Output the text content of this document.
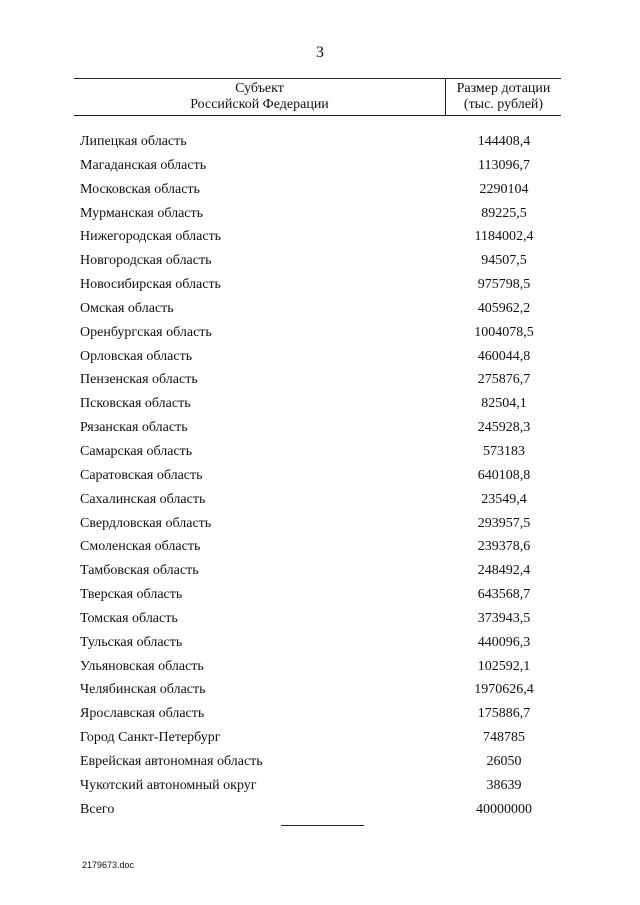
3
Субъект
Российской Федерации
Размер дотации
(тыс. рублей)
Липецкая область	144408,4
Магаданская область	113096,7
Московская область	2290104
Мурманская область	89225,5
Нижегородская область	1184002,4
Новгородская область	94507,5
Новосибирская область	975798,5
Омская область	405962,2
Оренбургская область	1004078,5
Орловская область	460044,8
Пензенская область	275876,7
Псковская область	82504,1
Рязанская область	245928,3
Самарская область	573183
Саратовская область	640108,8
Сахалинская область	23549,4
Свердловская область	293957,5
Смоленская область	239378,6
Тамбовская область	248492,4
Тверская область	643568,7
Томская область	373943,5
Тульская область	440096,3
Ульяновская область	102592,1
Челябинская область	1970626,4
Ярославская область	175886,7
Город Санкт-Петербург	748785
Еврейская автономная область	26050
Чукотский автономный округ	38639
Всего	40000000
2179673.doc
